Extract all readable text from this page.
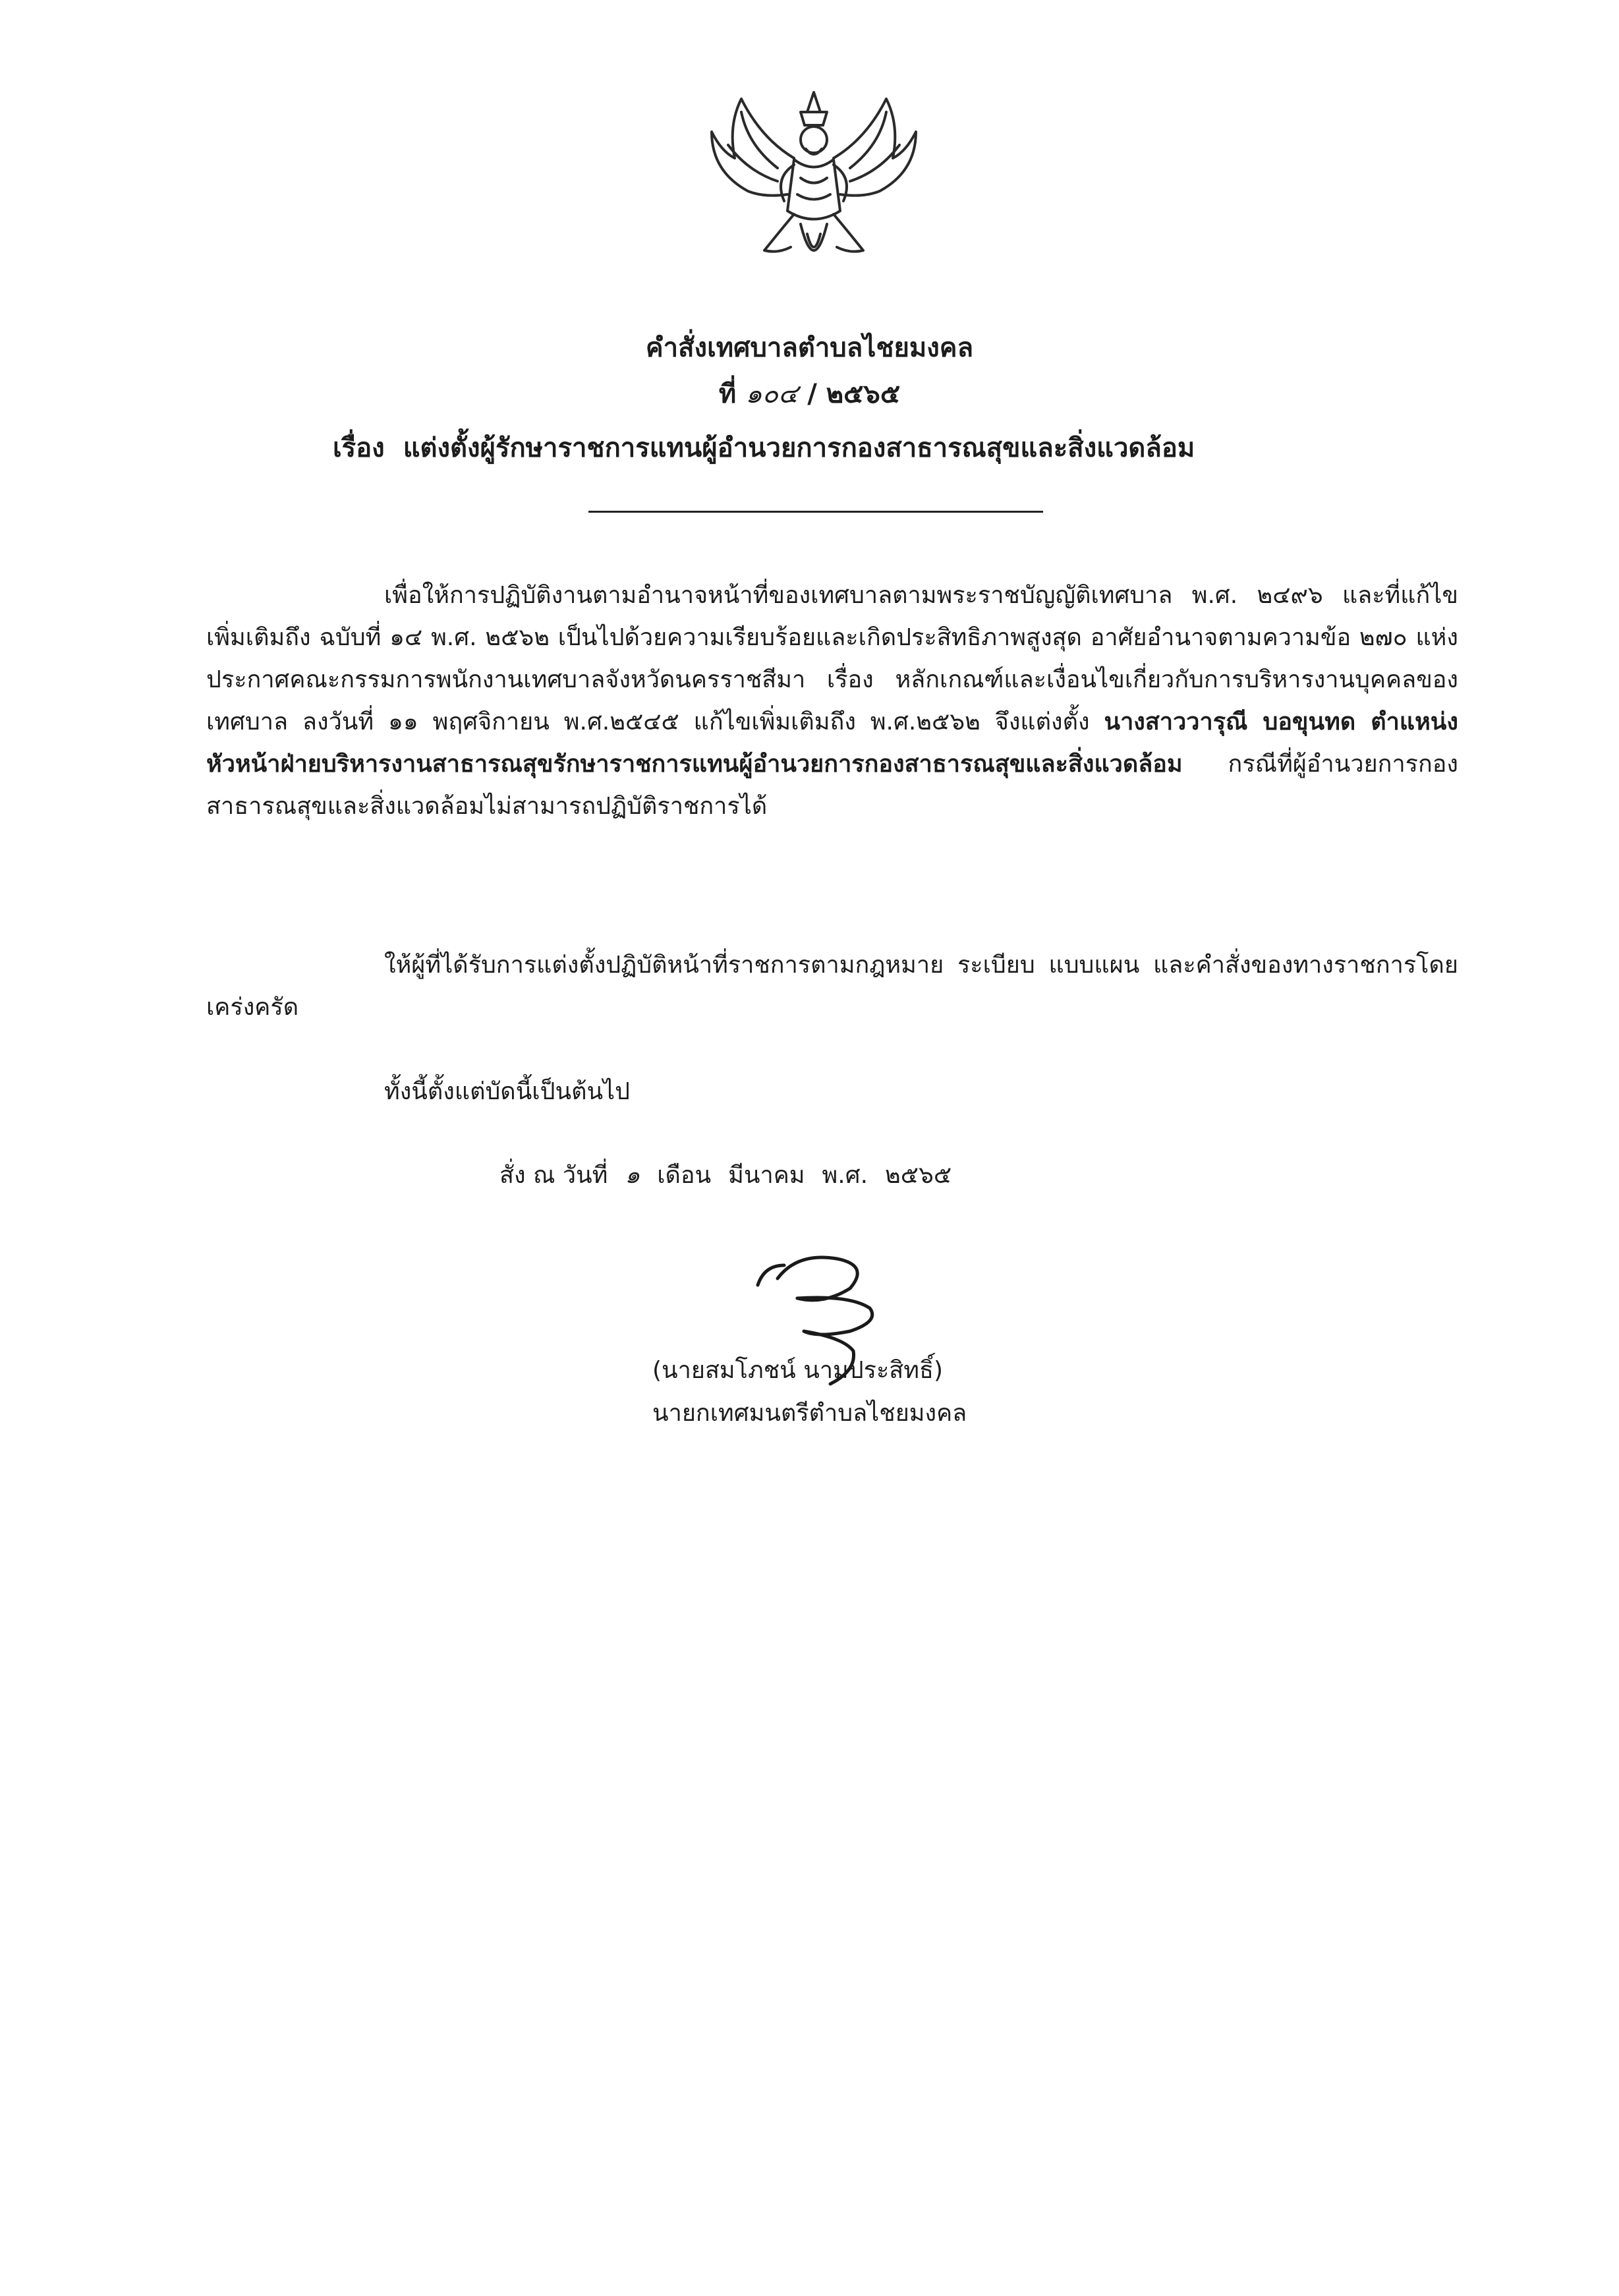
คำสั่งเทศบาลตำบลไชยมงคล
ที่ ๑๐๔ / ๒๕๖๕
เรื่อง แต่งตั้งผู้รักษาราชการแทนผู้อำนวยการกองสาธารณสุขและสิ่งแวดล้อม
เพื่อให้การปฏิบัติงานตามอำนาจหน้าที่ของเทศบาลตามพระราชบัญญัติเทศบาล พ.ศ. ๒๔๙๖ และที่แก้ไขเพิ่มเติมถึง ฉบับที่ ๑๔ พ.ศ. ๒๕๖๒ เป็นไปด้วยความเรียบร้อยและเกิดประสิทธิภาพสูงสุด อาศัยอำนาจตามความข้อ ๒๗๐ แห่งประกาศคณะกรรมการพนักงานเทศบาลจังหวัดนครราชสีมา เรื่อง หลักเกณฑ์และเงื่อนไขเกี่ยวกับการบริหารงานบุคคลของเทศบาล ลงวันที่ ๑๑ พฤศจิกายน พ.ศ.๒๕๔๕ แก้ไขเพิ่มเติมถึง พ.ศ.๒๕๖๒ จึงแต่งตั้ง นางสาววารุณี บอขุนทด ตำแหน่ง หัวหน้าฝ่ายบริหารงานสาธารณสุขรักษาราชการแทนผู้อำนวยการกองสาธารณสุขและสิ่งแวดล้อม กรณีที่ผู้อำนวยการกองสาธารณสุขและสิ่งแวดล้อมไม่สามารถปฏิบัติราชการได้
ให้ผู้ที่ได้รับการแต่งตั้งปฏิบัติหน้าที่ราชการตามกฎหมาย ระเบียบ แบบแผน และคำสั่งของทางราชการโดยเคร่งครัด
ทั้งนี้ตั้งแต่บัดนี้เป็นต้นไป
สั่ง ณ วันที่ ๑ เดือน มีนาคม พ.ศ. ๒๕๖๕
(นายสมโภชน์ นามประสิทธิ์)
นายกเทศมนตรีตำบลไชยมงคล
